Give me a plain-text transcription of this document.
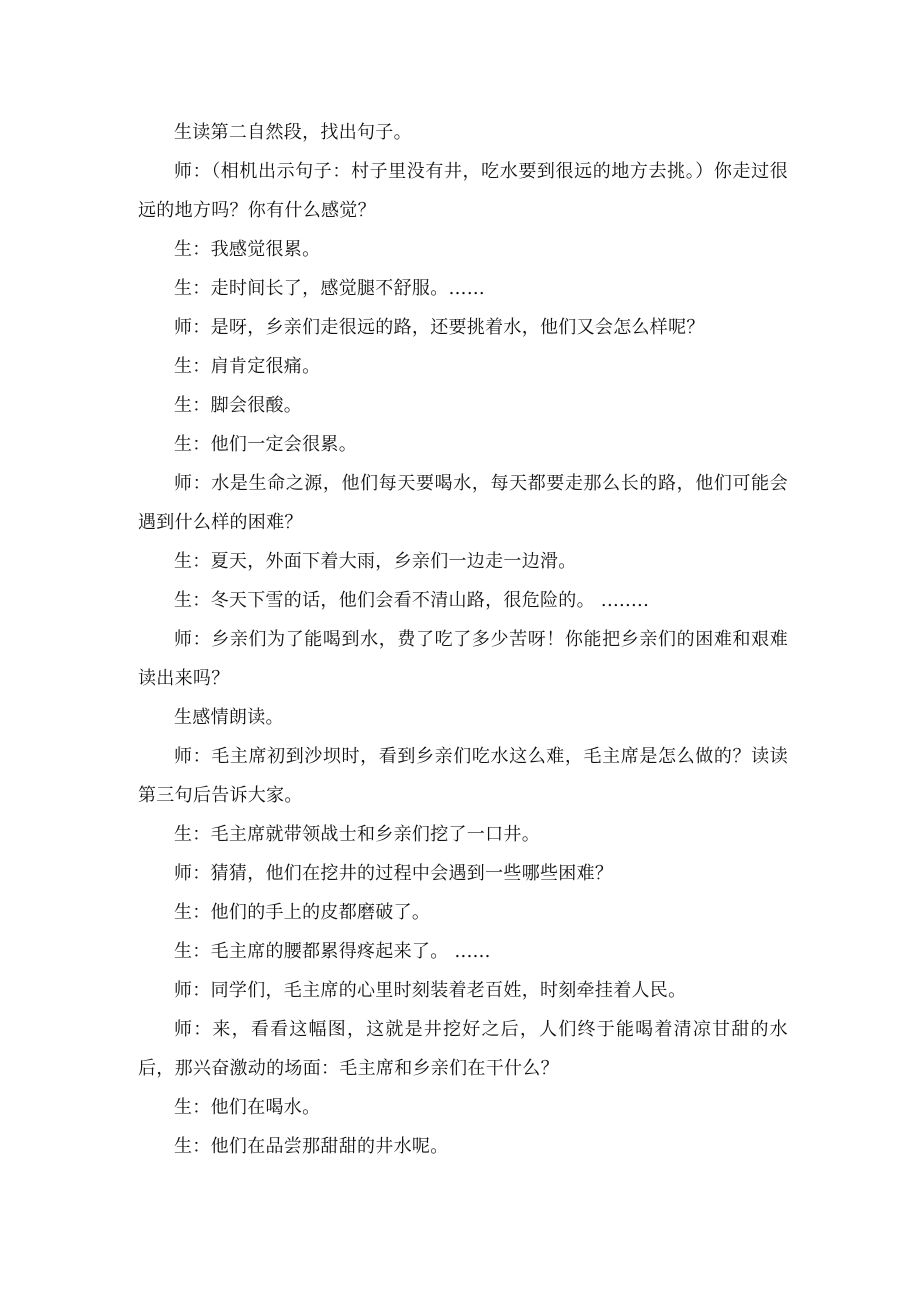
生读第二自然段，找出句子。

师：（相机出示句子：村子里没有井，吃水要到很远的地方去挑。）你走过很远的地方吗？你有什么感觉？

生：我感觉很累。

生：走时间长了，感觉腿不舒服。……

师：是呀，乡亲们走很远的路，还要挑着水，他们又会怎么样呢？

生：肩肯定很痛。

生：脚会很酸。

生：他们一定会很累。

师：水是生命之源，他们每天要喝水，每天都要走那么长的路，他们可能会遇到什么样的困难？

生：夏天，外面下着大雨，乡亲们一边走一边滑。

生：冬天下雪的话，他们会看不清山路，很危险的。 ........

师：乡亲们为了能喝到水，费了吃了多少苦呀！你能把乡亲们的困难和艰难读出来吗？

生感情朗读。

师：毛主席初到沙坝时，看到乡亲们吃水这么难，毛主席是怎么做的？读读第三句后告诉大家。

生：毛主席就带领战士和乡亲们挖了一口井。

师：猜猜，他们在挖井的过程中会遇到一些哪些困难？

生：他们的手上的皮都磨破了。

生：毛主席的腰都累得疼起来了。 ......

师：同学们，毛主席的心里时刻装着老百姓，时刻牵挂着人民。

师：来，看看这幅图，这就是井挖好之后，人们终于能喝着清凉甘甜的水后，那兴奋激动的场面：毛主席和乡亲们在干什么？

生：他们在喝水。

生：他们在品尝那甜甜的井水呢。
